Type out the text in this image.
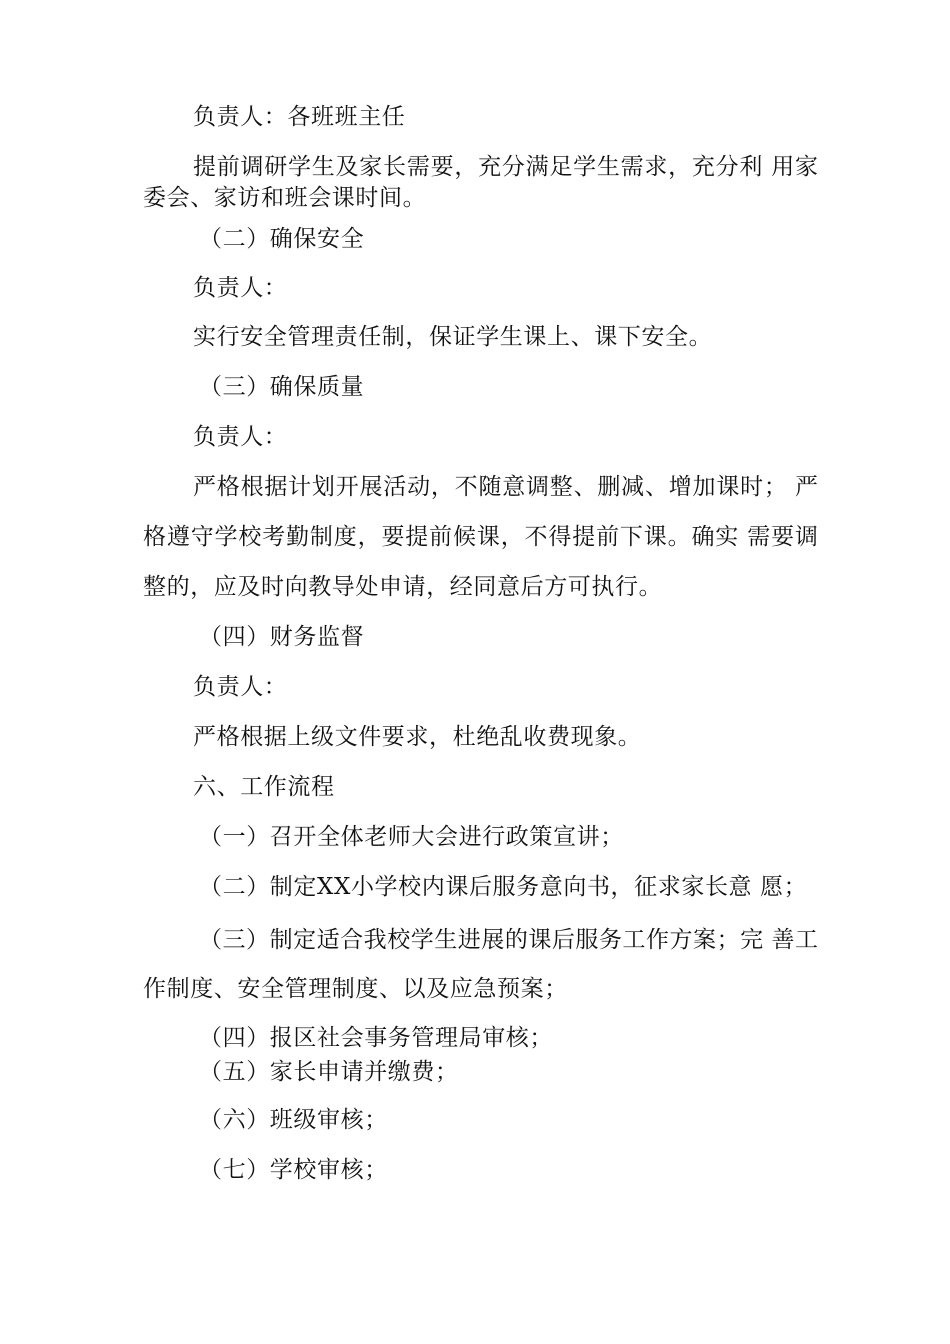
负责人：各班班主任
提前调研学生及家长需要，充分满足学生需求，充分利 用家
委会、家访和班会课时间。
（二）确保安全
负责人：
实行安全管理责任制，保证学生课上、课下安全。
（三）确保质量
负责人：
严格根据计划开展活动，不随意调整、删减、增加课时； 严
格遵守学校考勤制度，要提前候课，不得提前下课。确实 需要调
整的，应及时向教导处申请，经同意后方可执行。
（四）财务监督
负责人：
严格根据上级文件要求，杜绝乱收费现象。
六、工作流程
（一）召开全体老师大会进行政策宣讲；
（二）制定XX小学校内课后服务意向书，征求家长意 愿；
（三）制定适合我校学生进展的课后服务工作方案；完 善工
作制度、安全管理制度、以及应急预案；
（四）报区社会事务管理局审核；
（五）家长申请并缴费；
（六）班级审核；
（七）学校审核；
